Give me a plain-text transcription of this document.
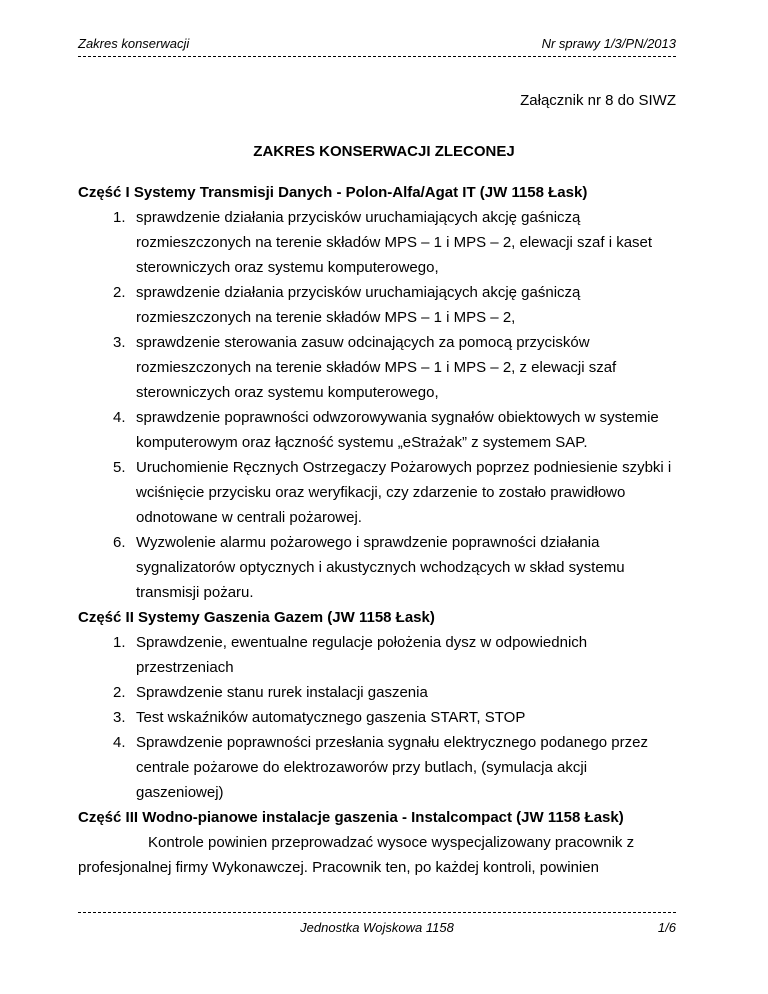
Zakres konserwacji	Nr sprawy 1/3/PN/2013
Załącznik nr 8 do SIWZ
ZAKRES KONSERWACJI ZLECONEJ

Część I Systemy Transmisji Danych - Polon-Alfa/Agat IT (JW 1158 Łask)

1. sprawdzenie działania przycisków uruchamiających akcję gaśniczą rozmieszczonych na terenie składów MPS – 1 i MPS – 2, elewacji szaf i kaset sterowniczych oraz systemu komputerowego,
2. sprawdzenie działania przycisków uruchamiających akcję gaśniczą rozmieszczonych na terenie składów MPS – 1 i MPS – 2,
3. sprawdzenie sterowania zasuw odcinających za pomocą przycisków rozmieszczonych na terenie składów MPS – 1 i MPS – 2, z elewacji szaf sterowniczych oraz systemu komputerowego,
4. sprawdzenie poprawności odwzorowywania sygnałów obiektowych w systemie komputerowym oraz łączność systemu „eStrażak” z systemem SAP.
5. Uruchomienie Ręcznych Ostrzegaczy Pożarowych poprzez podniesienie szybki i wciśnięcie przycisku oraz weryfikacji, czy zdarzenie to zostało prawidłowo odnotowane w centrali pożarowej.
6. Wyzwolenie alarmu pożarowego i sprawdzenie poprawności działania sygnalizatorów optycznych i akustycznych wchodzących w skład systemu transmisji pożaru.

Część II Systemy Gaszenia Gazem (JW 1158 Łask)

1. Sprawdzenie, ewentualne regulacje położenia dysz w odpowiednich przestrzeniach
2. Sprawdzenie stanu rurek instalacji gaszenia
3. Test wskaźników automatycznego gaszenia START, STOP
4. Sprawdzenie poprawności przesłania sygnału elektrycznego podanego przez centrale pożarowe do elektrozaworów przy butlach, (symulacja akcji gaszeniowej)

Część III Wodno-pianowe instalacje gaszenia - Instalcompact (JW 1158 Łask)

Kontrole powinien przeprowadzać wysoce wyspecjalizowany pracownik z profesjonalnej firmy Wykonawczej. Pracownik ten, po każdej kontroli, powinien

Jednostka Wojskowa 1158	1/6
